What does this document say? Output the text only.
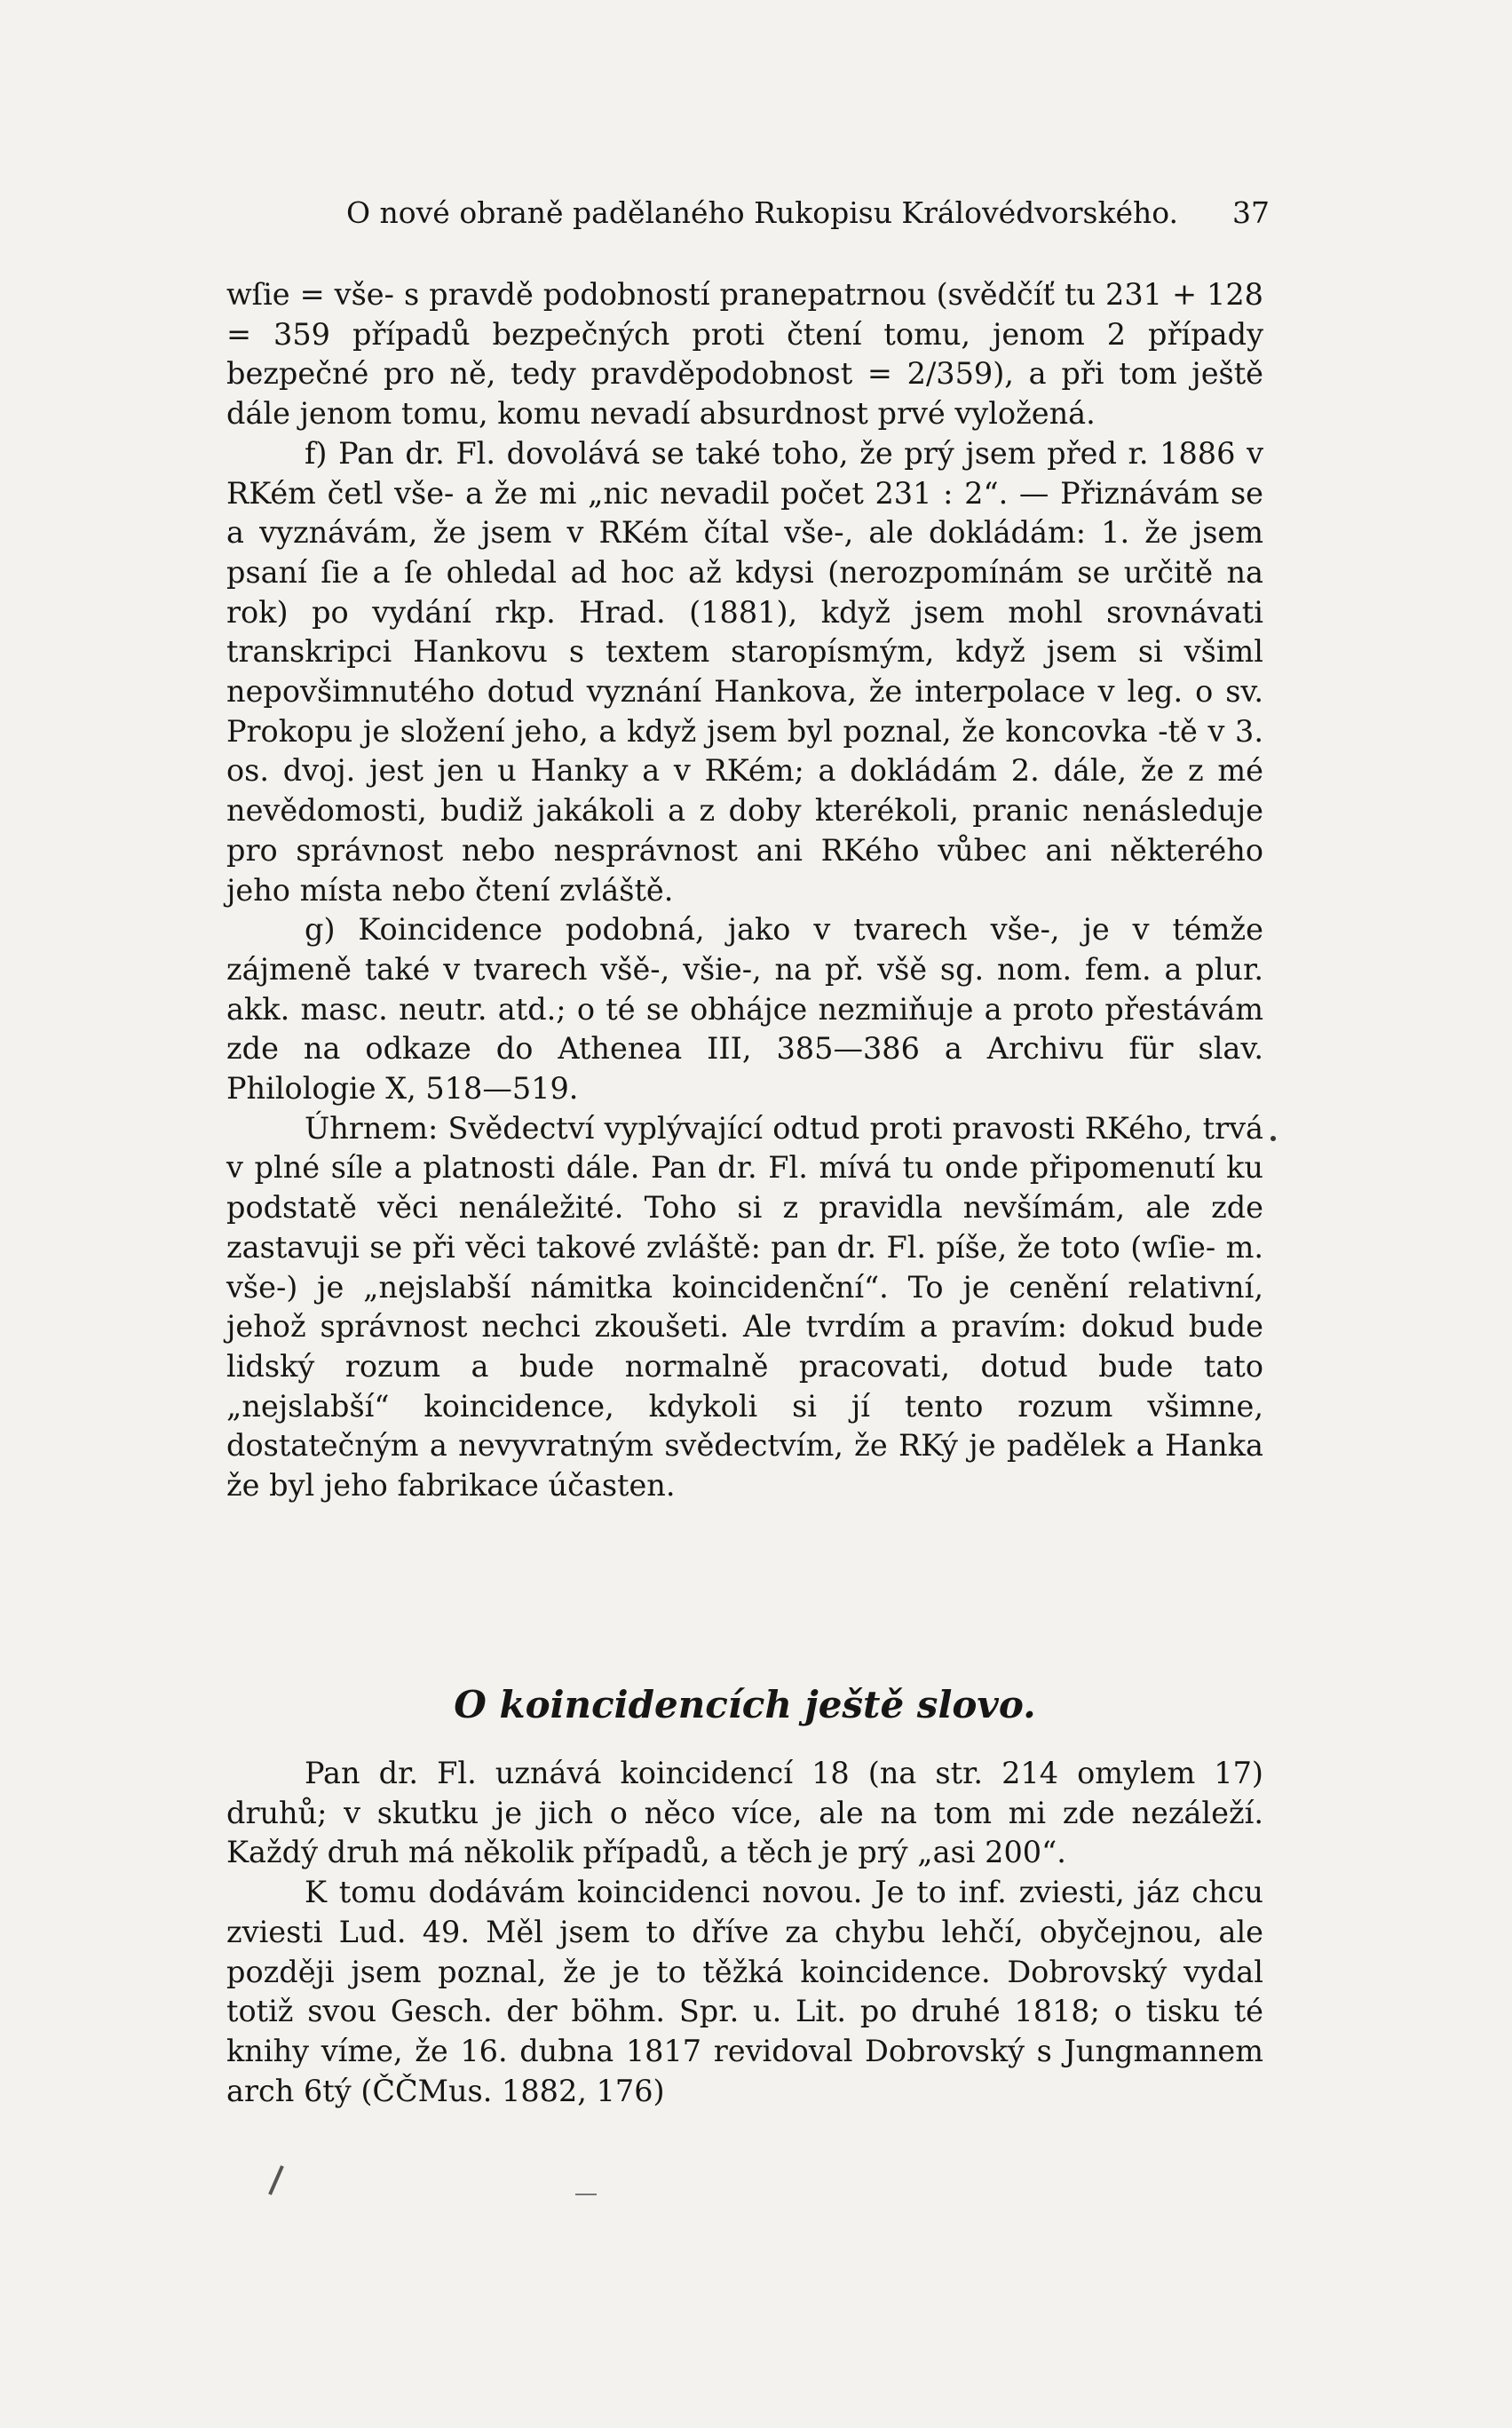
O nové obraně padělaného Rukopisu Královédvorského. 37

wſie = vše- s pravdě podobností pranepatrnou (svědčíť tu 231 + 128 = 359 případů bezpečných proti čtení tomu, jenom 2 případy bezpečné pro ně, tedy pravděpodobnost = 2/359), a při tom ještě dále jenom tomu, komu nevadí absurdnost prvé vyložená.

f) Pan dr. Fl. dovolává se také toho, že prý jsem před r. 1886 v RKém četl vše- a že mi „nic nevadil počet 231 : 2“. — Přiznávám se a vyznávám, že jsem v RKém čítal vše-, ale dokládám: 1. že jsem psaní ſie a ſe ohledal ad hoc až kdysi (nerozpomínám se určitě na rok) po vydání rkp. Hrad. (1881), když jsem mohl srovnávati transkripci Hankovu s textem staropísmým, když jsem si všiml nepovšimnutého dotud vyznání Hankova, že interpolace v leg. o sv. Prokopu je složení jeho, a když jsem byl poznal, že koncovka -tě v 3. os. dvoj. jest jen u Hanky a v RKém; a dokládám 2. dále, že z mé nevědomosti, budiž jakákoli a z doby kterékoli, pranic nenásleduje pro správnost nebo nesprávnost ani RKého vůbec ani některého jeho místa nebo čtení zvláště.

g) Koincidence podobná, jako v tvarech vše-, je v témže zájmeně také v tvarech všě-, všie-, na př. všě sg. nom. fem. a plur. akk. masc. neutr. atd.; o té se obhájce nezmiňuje a proto přestávám zde na odkaze do Athenea III, 385—386 a Archivu für slav. Philologie X, 518—519.

Úhrnem: Svědectví vyplývající odtud proti pravosti RKého, trvá v plné síle a platnosti dále. Pan dr. Fl. mívá tu onde připomenutí ku podstatě věci nenáležité. Toho si z pravidla nevšímám, ale zde zastavuji se při věci takové zvláště: pan dr. Fl. píše, že toto (wſie- m. vše-) je „nejslabší námitka koincidenční“. To je cenění relativní, jehož správnost nechci zkoušeti. Ale tvrdím a pravím: dokud bude lidský rozum a bude normalně pracovati, dotud bude tato „nejslabší“ koincidence, kdykoli si jí tento rozum všimne, dostatečným a nevyvratným svědectvím, že RKý je padělek a Hanka že byl jeho fabrikace účasten.

O koincidencích ještě slovo.

Pan dr. Fl. uznává koincidencí 18 (na str. 214 omylem 17) druhů; v skutku je jich o něco více, ale na tom mi zde nezáleží. Každý druh má několik případů, a těch je prý „asi 200“.

K tomu dodávám koincidenci novou. Je to inf. zviesti, jáz chcu zviesti Lud. 49. Měl jsem to dříve za chybu lehčí, obyčejnou, ale později jsem poznal, že je to těžká koincidence. Dobrovský vydal totiž svou Gesch. der böhm. Spr. u. Lit. po druhé 1818; o tisku té knihy víme, že 16. dubna 1817 revidoval Dobrovský s Jungmannem arch 6tý (ČČMus. 1882, 176)
